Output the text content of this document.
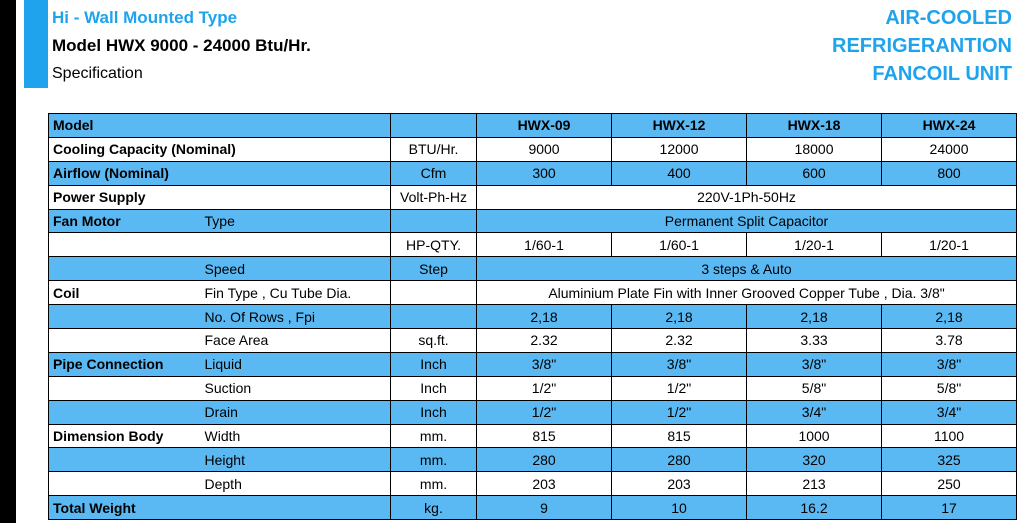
Hi - Wall Mounted Type
Model HWX 9000 - 24000 Btu/Hr.
Specification
AIR-COOLED
REFRIGERANTION
FANCOIL UNIT
Model			HWX-09	HWX-12	HWX-18	HWX-24
Cooling Capacity (Nominal)		BTU/Hr.	9000	12000	18000	24000
Airflow (Nominal)		Cfm	300	400	600	800
Power Supply		Volt-Ph-Hz	220V-1Ph-50Hz			
Fan Motor	Type		Permanent Split Capacitor			
		HP-QTY.	1/60-1	1/60-1	1/20-1	1/20-1
	Speed	Step	3 steps & Auto			
Coil	Fin Type , Cu Tube Dia.		Aluminium Plate Fin with Inner Grooved Copper Tube , Dia. 3/8"			
	No. Of Rows , Fpi		2,18	2,18	2,18	2,18
	Face Area	sq.ft.	2.32	2.32	3.33	3.78
Pipe Connection	Liquid	Inch	3/8"	3/8"	3/8"	3/8"
	Suction	Inch	1/2"	1/2"	5/8"	5/8"
	Drain	Inch	1/2"	1/2"	3/4"	3/4"
Dimension Body	Width	mm.	815	815	1000	1100
	Height	mm.	280	280	320	325
	Depth	mm.	203	203	213	250
Total Weight		kg.	9	10	16.2	17
